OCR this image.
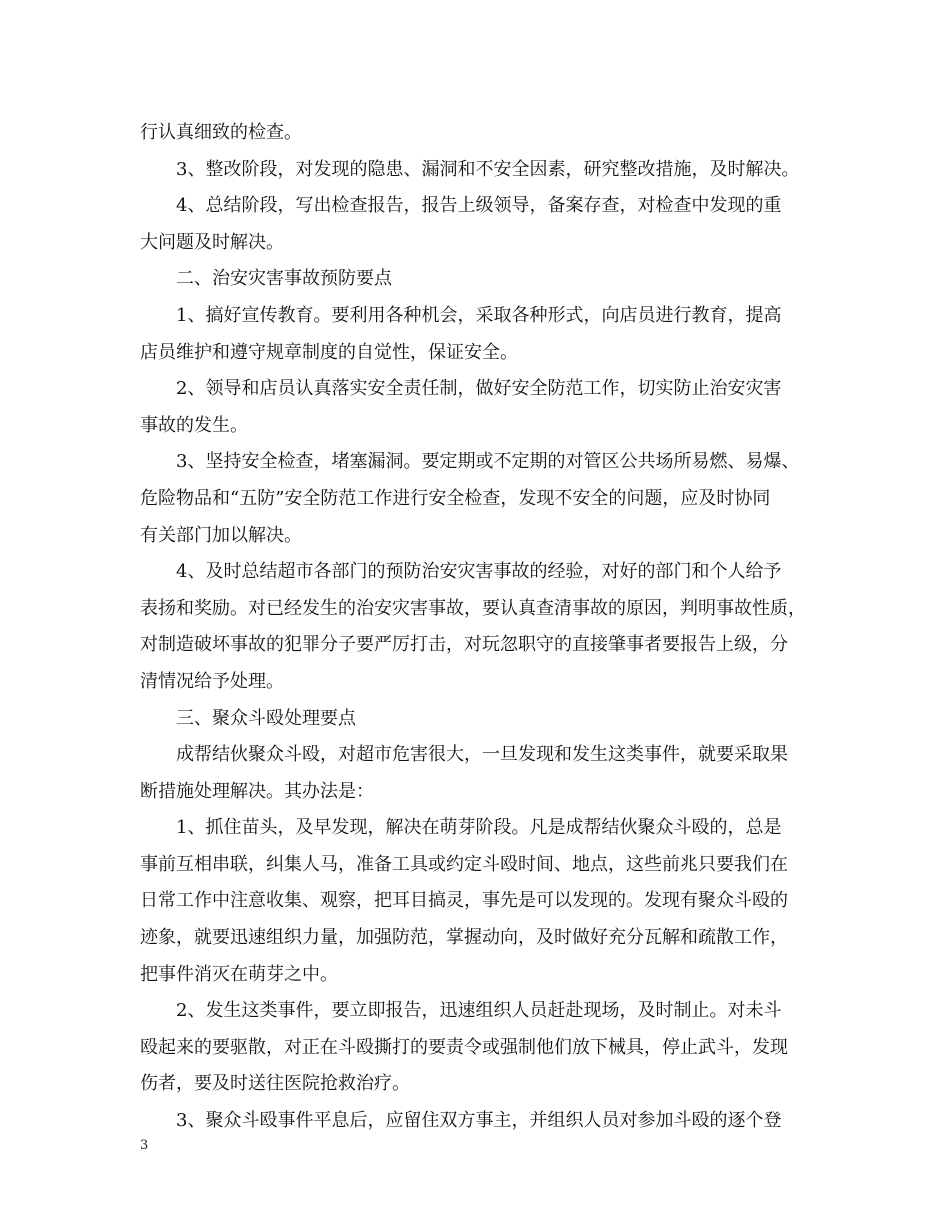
行认真细致的检查。
3、整改阶段，对发现的隐患、漏洞和不安全因素，研究整改措施，及时解决。
4、总结阶段，写出检查报告，报告上级领导，备案存查，对检查中发现的重
大问题及时解决。
二、治安灾害事故预防要点
1、搞好宣传教育。要利用各种机会，采取各种形式，向店员进行教育，提高
店员维护和遵守规章制度的自觉性，保证安全。
2、领导和店员认真落实安全责任制，做好安全防范工作，切实防止治安灾害
事故的发生。
3、坚持安全检查，堵塞漏洞。要定期或不定期的对管区公共场所易燃、易爆、
危险物品和“五防”安全防范工作进行安全检查，发现不安全的问题，应及时协同
有关部门加以解决。
4、及时总结超市各部门的预防治安灾害事故的经验，对好的部门和个人给予
表扬和奖励。对已经发生的治安灾害事故，要认真查清事故的原因，判明事故性质，
对制造破坏事故的犯罪分子要严厉打击，对玩忽职守的直接肇事者要报告上级，分
清情况给予处理。
三、聚众斗殴处理要点
成帮结伙聚众斗殴，对超市危害很大，一旦发现和发生这类事件，就要采取果
断措施处理解决。其办法是：
1、抓住苗头，及早发现，解决在萌芽阶段。凡是成帮结伙聚众斗殴的，总是
事前互相串联，纠集人马，准备工具或约定斗殴时间、地点，这些前兆只要我们在
日常工作中注意收集、观察，把耳目搞灵，事先是可以发现的。发现有聚众斗殴的
迹象，就要迅速组织力量，加强防范，掌握动向，及时做好充分瓦解和疏散工作，
把事件消灭在萌芽之中。
2、发生这类事件，要立即报告，迅速组织人员赶赴现场，及时制止。对未斗
殴起来的要驱散，对正在斗殴撕打的要责令或强制他们放下械具，停止武斗，发现
伤者，要及时送往医院抢救治疗。
3、聚众斗殴事件平息后，应留住双方事主，并组织人员对参加斗殴的逐个登
3
